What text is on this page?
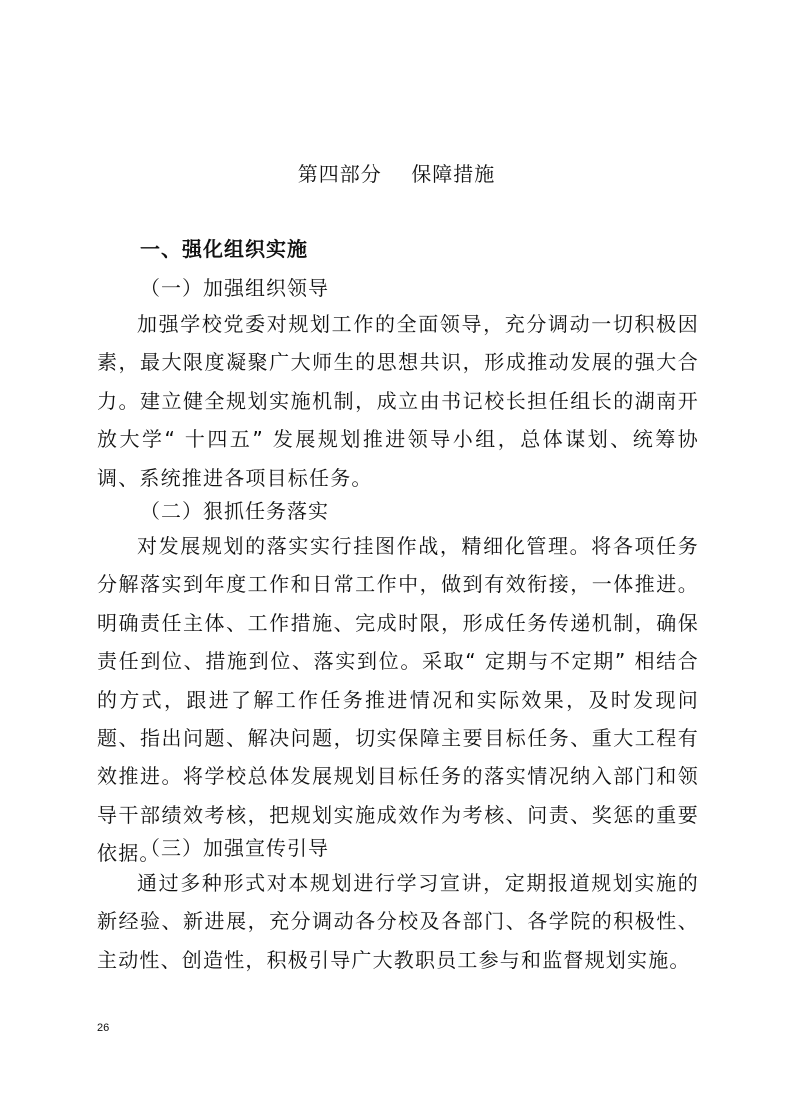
第四部分    保障措施
一、强化组织实施
（一）加强组织领导
加强学校党委对规划工作的全面领导，充分调动一切积极因素，最大限度凝聚广大师生的思想共识，形成推动发展的强大合力。建立健全规划实施机制，成立由书记校长担任组长的湖南开放大学“ 十四五” 发展规划推进领导小组，总体谋划、统筹协调、系统推进各项目标任务。
（二）狠抓任务落实
对发展规划的落实实行挂图作战，精细化管理。将各项任务分解落实到年度工作和日常工作中，做到有效衔接，一体推进。明确责任主体、工作措施、完成时限，形成任务传递机制，确保责任到位、措施到位、落实到位。采取“ 定期与不定期” 相结合的方式，跟进了解工作任务推进情况和实际效果，及时发现问题、指出问题、解决问题，切实保障主要目标任务、重大工程有效推进。将学校总体发展规划目标任务的落实情况纳入部门和领导干部绩效考核，把规划实施成效作为考核、问责、奖惩的重要依据。
（三）加强宣传引导
通过多种形式对本规划进行学习宣讲，定期报道规划实施的新经验、新进展，充分调动各分校及各部门、各学院的积极性、主动性、创造性，积极引导广大教职员工参与和监督规划实施。
26
